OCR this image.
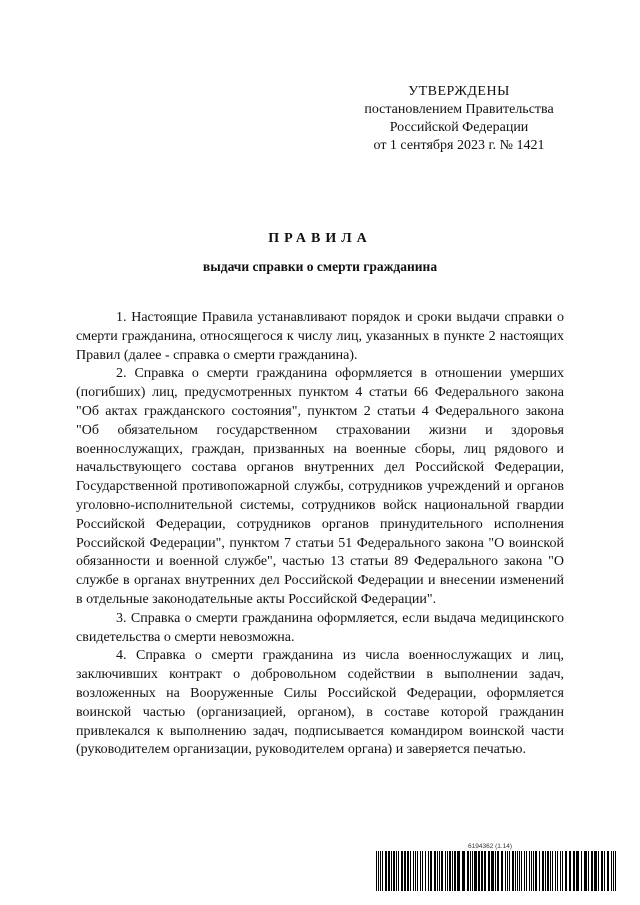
УТВЕРЖДЕНЫ
постановлением Правительства
Российской Федерации
от 1 сентября 2023 г. № 1421
ПРАВИЛА
выдачи справки о смерти гражданина

1. Настоящие Правила устанавливают порядок и сроки выдачи справки о смерти гражданина, относящегося к числу лиц, указанных в пункте 2 настоящих Правил (далее - справка о смерти гражданина).

2. Справка о смерти гражданина оформляется в отношении умерших (погибших) лиц, предусмотренных пунктом 4 статьи 66 Федерального закона "Об актах гражданского состояния", пунктом 2 статьи 4 Федерального закона "Об обязательном государственном страховании жизни и здоровья военнослужащих, граждан, призванных на военные сборы, лиц рядового и начальствующего состава органов внутренних дел Российской Федерации, Государственной противопожарной службы, сотрудников учреждений и органов уголовно-исполнительной системы, сотрудников войск национальной гвардии Российской Федерации, сотрудников органов принудительного исполнения Российской Федерации", пунктом 7 статьи 51 Федерального закона "О воинской обязанности и военной службе", частью 13 статьи 89 Федерального закона "О службе в органах внутренних дел Российской Федерации и внесении изменений в отдельные законодательные акты Российской Федерации".

3. Справка о смерти гражданина оформляется, если выдача медицинского свидетельства о смерти невозможна.

4. Справка о смерти гражданина из числа военнослужащих и лиц, заключивших контракт о добровольном содействии в выполнении задач, возложенных на Вооруженные Силы Российской Федерации, оформляется воинской частью (организацией, органом), в составе которой гражданин привлекался к выполнению задач, подписывается командиром воинской части (руководителем организации, руководителем органа) и заверяется печатью.

6194362 (1.14)
